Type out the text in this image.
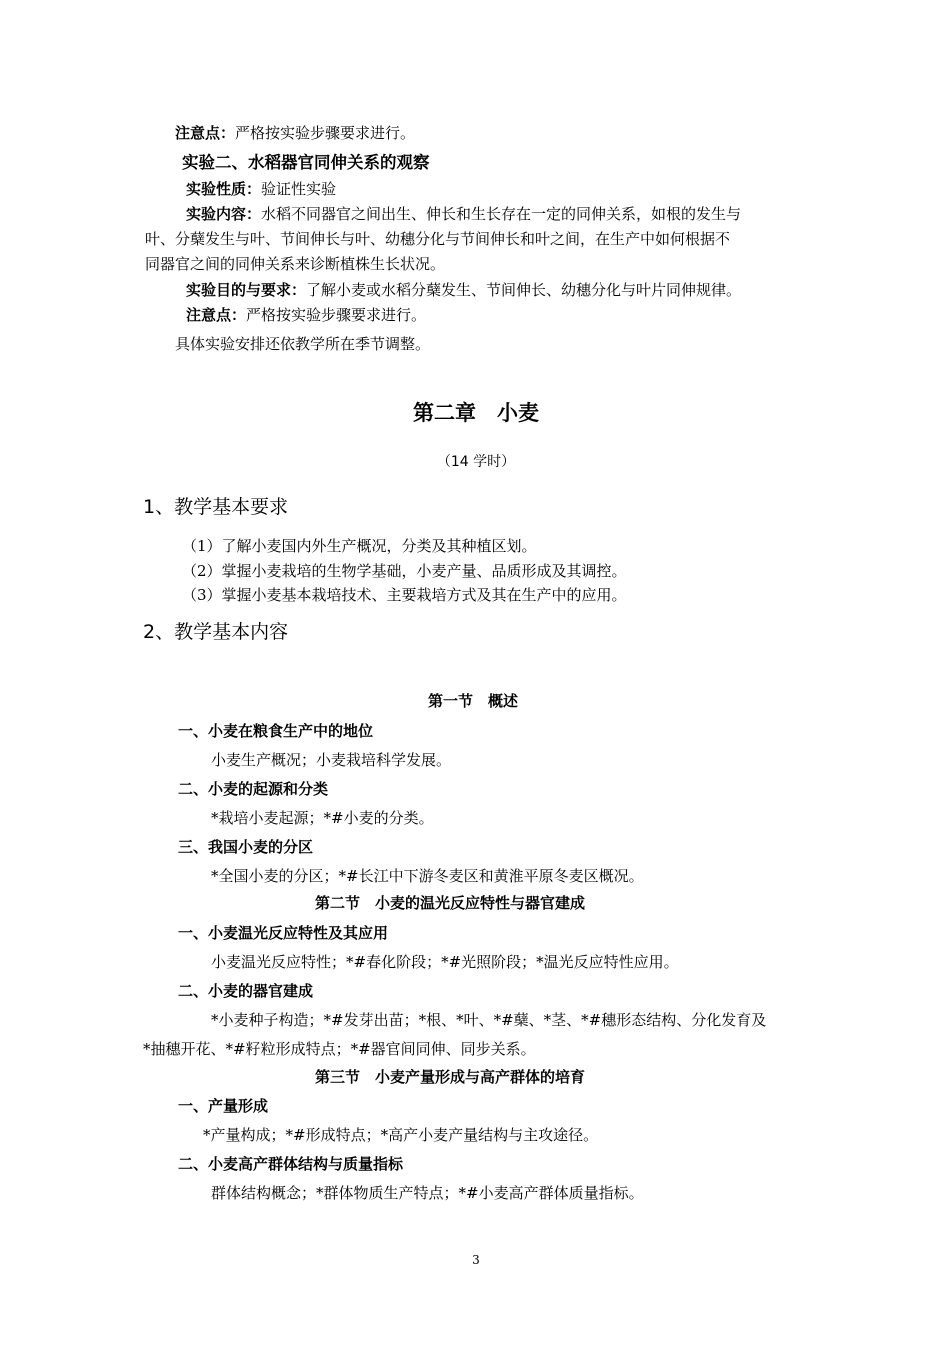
注意点：严格按实验步骤要求进行。
实验二、水稻器官同伸关系的观察
实验性质：验证性实验
实验内容：水稻不同器官之间出生、伸长和生长存在一定的同伸关系，如根的发生与
叶、分蘖发生与叶、节间伸长与叶、幼穗分化与节间伸长和叶之间，在生产中如何根据不
同器官之间的同伸关系来诊断植株生长状况。
实验目的与要求：了解小麦或水稻分蘖发生、节间伸长、幼穗分化与叶片同伸规律。
注意点：严格按实验步骤要求进行。
具体实验安排还依教学所在季节调整。
第二章　小麦
（14 学时）
1、教学基本要求
（1）了解小麦国内外生产概况，分类及其种植区划。
（2）掌握小麦栽培的生物学基础，小麦产量、品质形成及其调控。
（3）掌握小麦基本栽培技术、主要栽培方式及其在生产中的应用。
2、教学基本内容
第一节　概述
一、小麦在粮食生产中的地位
小麦生产概况；小麦栽培科学发展。
二、小麦的起源和分类
*栽培小麦起源；*#小麦的分类。
三、我国小麦的分区
*全国小麦的分区；*#长江中下游冬麦区和黄淮平原冬麦区概况。
第二节　小麦的温光反应特性与器官建成
一、小麦温光反应特性及其应用
小麦温光反应特性；*#春化阶段；*#光照阶段；*温光反应特性应用。
二、小麦的器官建成
*小麦种子构造；*#发芽出苗；*根、*叶、*#蘖、*茎、*#穗形态结构、分化发育及
*抽穗开花、*#籽粒形成特点；*#器官间同伸、同步关系。
第三节　小麦产量形成与高产群体的培育
一、产量形成
*产量构成；*#形成特点；*高产小麦产量结构与主攻途径。
二、小麦高产群体结构与质量指标
群体结构概念；*群体物质生产特点；*#小麦高产群体质量指标。
3
